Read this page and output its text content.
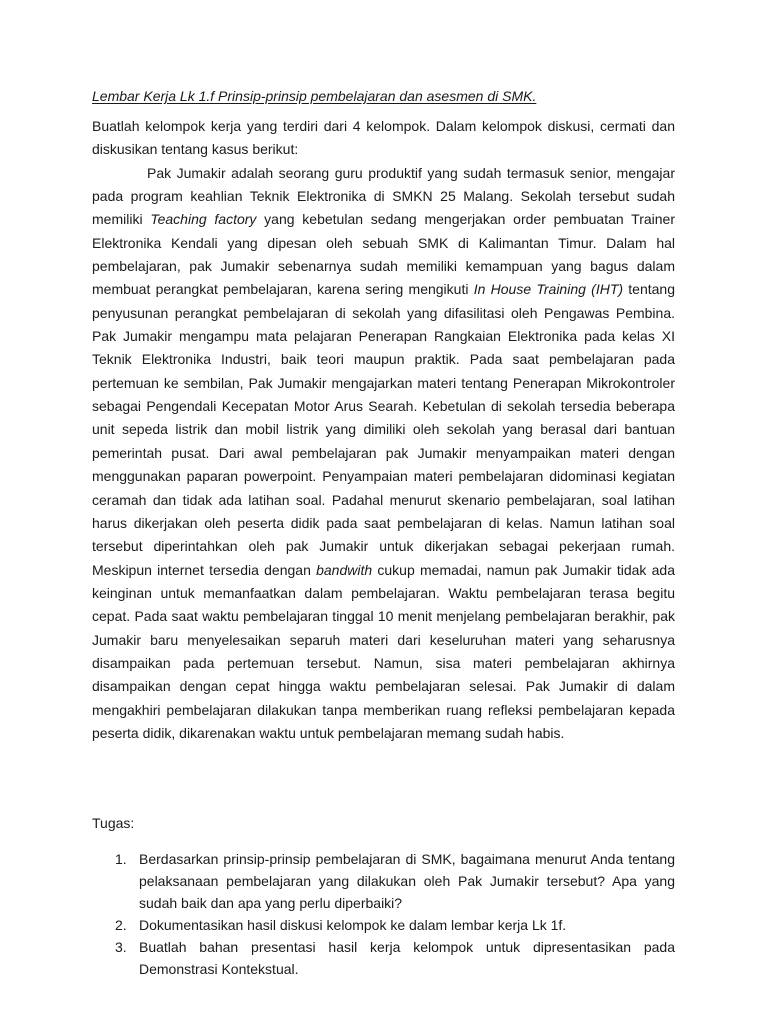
Lembar Kerja Lk 1.f Prinsip-prinsip pembelajaran dan asesmen di SMK.

Buatlah kelompok kerja yang terdiri dari 4 kelompok. Dalam kelompok diskusi, cermati dan diskusikan tentang kasus berikut:

Pak Jumakir adalah seorang guru produktif yang sudah termasuk senior, mengajar pada program keahlian Teknik Elektronika di SMKN 25 Malang. Sekolah tersebut sudah memiliki Teaching factory yang kebetulan sedang mengerjakan order pembuatan Trainer Elektronika Kendali yang dipesan oleh sebuah SMK di Kalimantan Timur. Dalam hal pembelajaran, pak Jumakir sebenarnya sudah memiliki kemampuan yang bagus dalam membuat perangkat pembelajaran, karena sering mengikuti In House Training (IHT) tentang penyusunan perangkat pembelajaran di sekolah yang difasilitasi oleh Pengawas Pembina. Pak Jumakir mengampu mata pelajaran Penerapan Rangkaian Elektronika pada kelas XI Teknik Elektronika Industri, baik teori maupun praktik. Pada saat pembelajaran pada pertemuan ke sembilan, Pak Jumakir mengajarkan materi tentang Penerapan Mikrokontroler sebagai Pengendali Kecepatan Motor Arus Searah. Kebetulan di sekolah tersedia beberapa unit sepeda listrik dan mobil listrik yang dimiliki oleh sekolah yang berasal dari bantuan pemerintah pusat. Dari awal pembelajaran pak Jumakir menyampaikan materi dengan menggunakan paparan powerpoint. Penyampaian materi pembelajaran didominasi kegiatan ceramah dan tidak ada latihan soal. Padahal menurut skenario pembelajaran, soal latihan harus dikerjakan oleh peserta didik pada saat pembelajaran di kelas. Namun latihan soal tersebut diperintahkan oleh pak Jumakir untuk dikerjakan sebagai pekerjaan rumah. Meskipun internet tersedia dengan bandwith cukup memadai, namun pak Jumakir tidak ada keinginan untuk memanfaatkan dalam pembelajaran. Waktu pembelajaran terasa begitu cepat. Pada saat waktu pembelajaran tinggal 10 menit menjelang pembelajaran berakhir, pak Jumakir baru menyelesaikan separuh materi dari keseluruhan materi yang seharusnya disampaikan pada pertemuan tersebut. Namun, sisa materi pembelajaran akhirnya disampaikan dengan cepat hingga waktu pembelajaran selesai. Pak Jumakir di dalam mengakhiri pembelajaran dilakukan tanpa memberikan ruang refleksi pembelajaran kepada peserta didik, dikarenakan waktu untuk pembelajaran memang sudah habis.

Tugas:

1. Berdasarkan prinsip-prinsip pembelajaran di SMK, bagaimana menurut Anda tentang pelaksanaan pembelajaran yang dilakukan oleh Pak Jumakir tersebut? Apa yang sudah baik dan apa yang perlu diperbaiki?
2. Dokumentasikan hasil diskusi kelompok ke dalam lembar kerja Lk 1f.
3. Buatlah bahan presentasi hasil kerja kelompok untuk dipresentasikan pada Demonstrasi Kontekstual.
